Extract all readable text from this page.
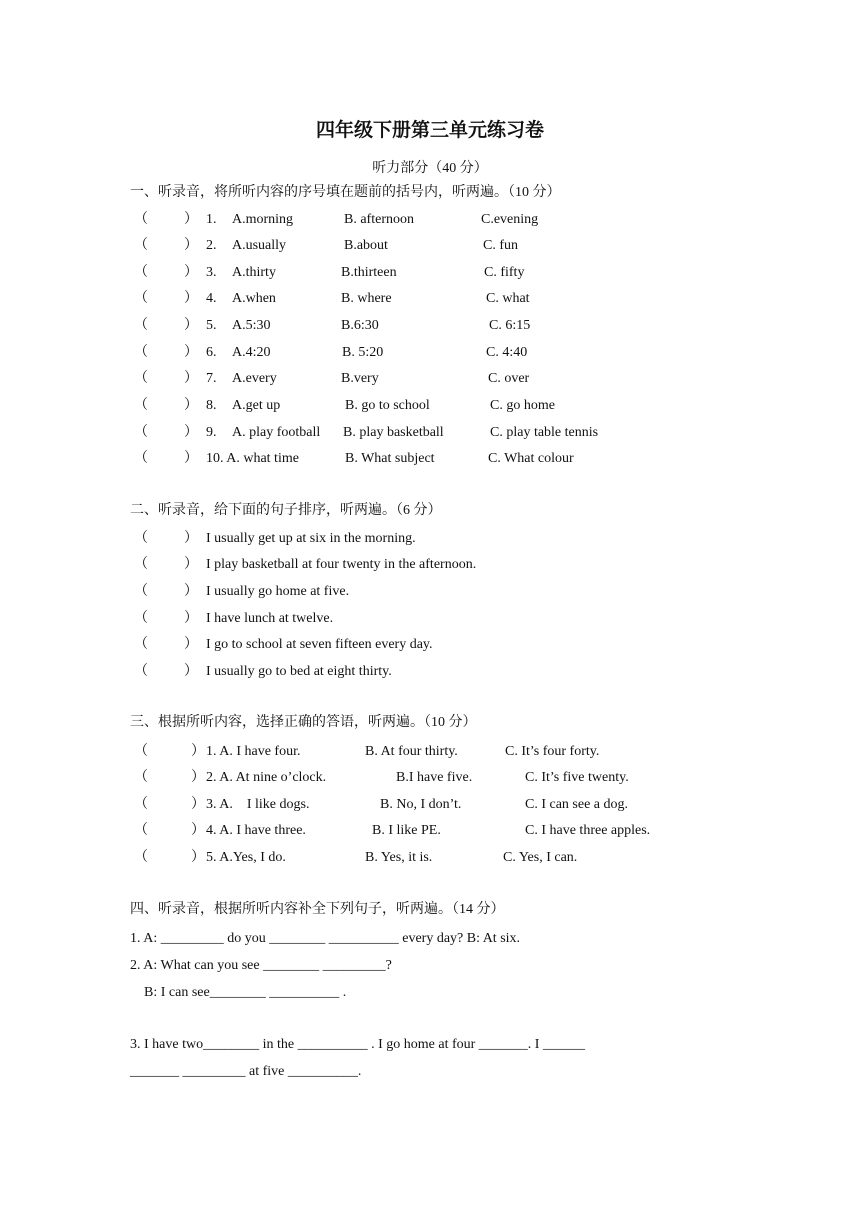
四年级下册第三单元练习卷
听力部分（40 分）
一、听录音，将所听内容的序号填在题前的括号内，听两遍。（10 分）
（	） 1. A.morning	B. afternoon	C.evening
（	） 2. A.usually	B.about	C. fun
（	） 3. A.thirty	B.thirteen	C. fifty
（	） 4. A.when	B. where	C. what
（	） 5. A.5:30	B.6:30	C. 6:15
（	） 6. A.4:20	B. 5:20	C. 4:40
（	） 7. A.every	B.very	C. over
（	） 8. A.get up	B. go to school	C. go home
（	） 9. A. play football B. play basketball	C. play table tennis
（	） 10. A. what time	B. What subject	C. What colour
二、听录音，给下面的句子排序，听两遍。（6 分）
（	） I usually get up at six in the morning.
（	） I play basketball at four twenty in the afternoon.
（	） I usually go home at five.
（	） I have lunch at twelve.
（	） I go to school at seven fifteen every day.
（	） I usually go to bed at eight thirty.
三、根据所听内容，选择正确的答语，听两遍。（10 分）
（	） 1. A. I have four.	B. At four thirty.	C. It’s four forty.
（	） 2. A. At nine o’clock.	B.I have five.	C. It’s five twenty.
（	） 3. A.    I like dogs.	B. No, I don’t.	C. I can see a dog.
（	） 4. A. I have three.	B. I like PE.	C. I have three apples.
（	） 5. A.Yes, I do.	B. Yes, it is.	C. Yes, I can.
四、听录音，根据所听内容补全下列句子，听两遍。（14 分）
1. A: _________ do you ________ __________ every day? B: At six.
2. A: What can you see ________ _________?
B: I can see________ __________ .
3. I have two________ in the __________ . I go home at four _______. I ______
_______ _________ at five __________.
